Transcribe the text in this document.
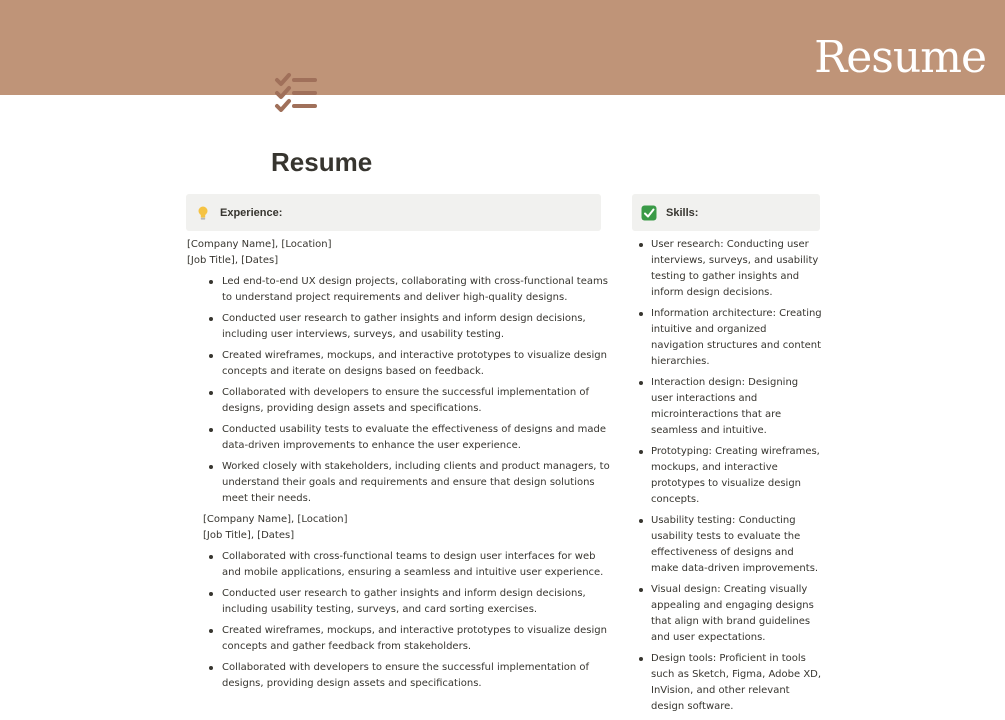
Resume
Resume
Experience:	Skills:
[Company Name], [Location]
[Job Title], [Dates]
Led end-to-end UX design projects, collaborating with cross-functional teams to understand project requirements and deliver high-quality designs.
Conducted user research to gather insights and inform design decisions, including user interviews, surveys, and usability testing.
Created wireframes, mockups, and interactive prototypes to visualize design concepts and iterate on designs based on feedback.
Collaborated with developers to ensure the successful implementation of designs, providing design assets and specifications.
Conducted usability tests to evaluate the effectiveness of designs and made data-driven improvements to enhance the user experience.
Worked closely with stakeholders, including clients and product managers, to understand their goals and requirements and ensure that design solutions meet their needs.
[Company Name], [Location]
[Job Title], [Dates]
Collaborated with cross-functional teams to design user interfaces for web and mobile applications, ensuring a seamless and intuitive user experience.
Conducted user research to gather insights and inform design decisions, including usability testing, surveys, and card sorting exercises.
Created wireframes, mockups, and interactive prototypes to visualize design concepts and gather feedback from stakeholders.
Collaborated with developers to ensure the successful implementation of designs, providing design assets and specifications.
User research: Conducting user interviews, surveys, and usability testing to gather insights and inform design decisions.
Information architecture: Creating intuitive and organized navigation structures and content hierarchies.
Interaction design: Designing user interactions and microinteractions that are seamless and intuitive.
Prototyping: Creating wireframes, mockups, and interactive prototypes to visualize design concepts.
Usability testing: Conducting usability tests to evaluate the effectiveness of designs and make data-driven improvements.
Visual design: Creating visually appealing and engaging designs that align with brand guidelines and user expectations.
Design tools: Proficient in tools such as Sketch, Figma, Adobe XD, InVision, and other relevant design software.
